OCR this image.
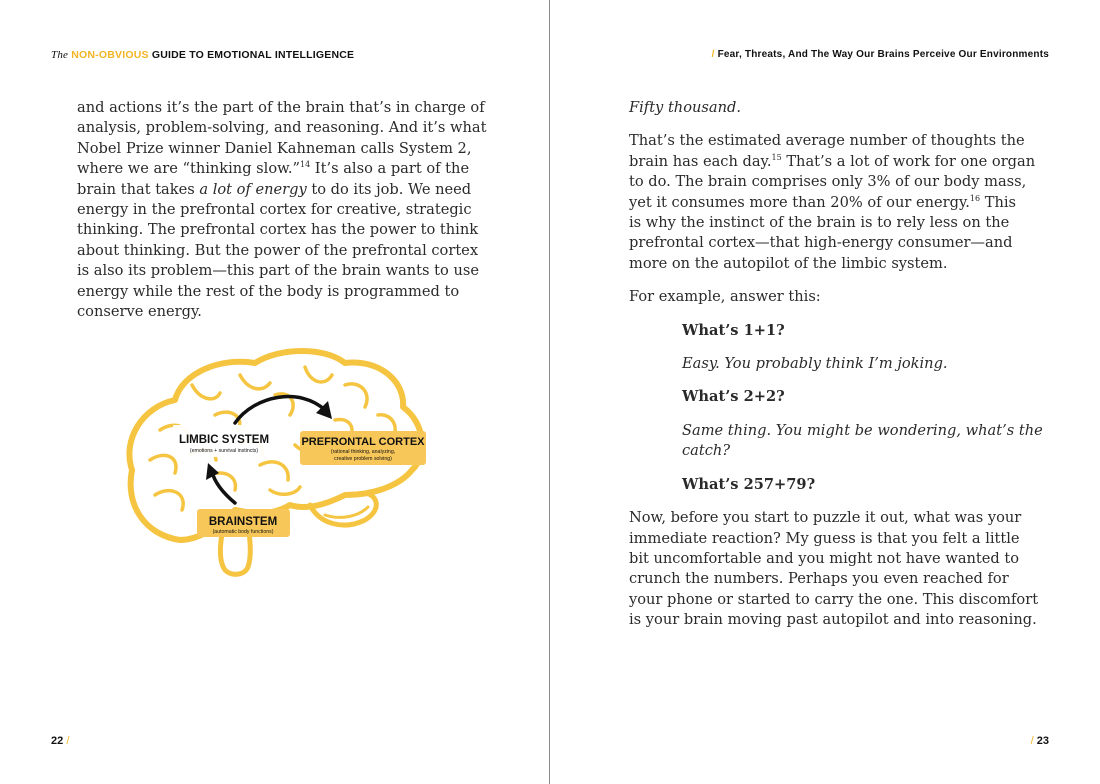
The NON-OBVIOUS GUIDE TO EMOTIONAL INTELLIGENCE
and actions it’s the part of the brain that’s in charge of
analysis, problem-solving, and reasoning. And it’s what
Nobel Prize winner Daniel Kahneman calls System 2,
where we are “thinking slow.”$^{14}$ It’s also a part of the
brain that takes a lot of energy to do its job. We need
energy in the prefrontal cortex for creative, strategic
thinking. The prefrontal cortex has the power to think
about thinking. But the power of the prefrontal cortex
is also its problem—this part of the brain wants to use
energy while the rest of the body is programmed to
conserve energy.
LIMBIC SYSTEM
(emotions + survival instincts)
PREFRONTAL CORTEX
(rational thinking, analyzing,
creative problem solving)
BRAINSTEM
(automatic body functions)
22 /
/ Fear, Threats, And The Way Our Brains Perceive Our Environments
Fifty thousand.
That’s the estimated average number of thoughts the
brain has each day.$^{15}$ That’s a lot of work for one organ
to do. The brain comprises only 3% of our body mass,
yet it consumes more than 20% of our energy.$^{16}$ This
is why the instinct of the brain is to rely less on the
prefrontal cortex—that high-energy consumer—and
more on the autopilot of the limbic system.
For example, answer this:
What’s 1+1?
Easy. You probably think I’m joking.
What’s 2+2?
Same thing. You might be wondering, what’s the
catch?
What’s 257+79?
Now, before you start to puzzle it out, what was your
immediate reaction? My guess is that you felt a little
bit uncomfortable and you might not have wanted to
crunch the numbers. Perhaps you even reached for
your phone or started to carry the one. This discomfort
is your brain moving past autopilot and into reasoning.
/ 23
